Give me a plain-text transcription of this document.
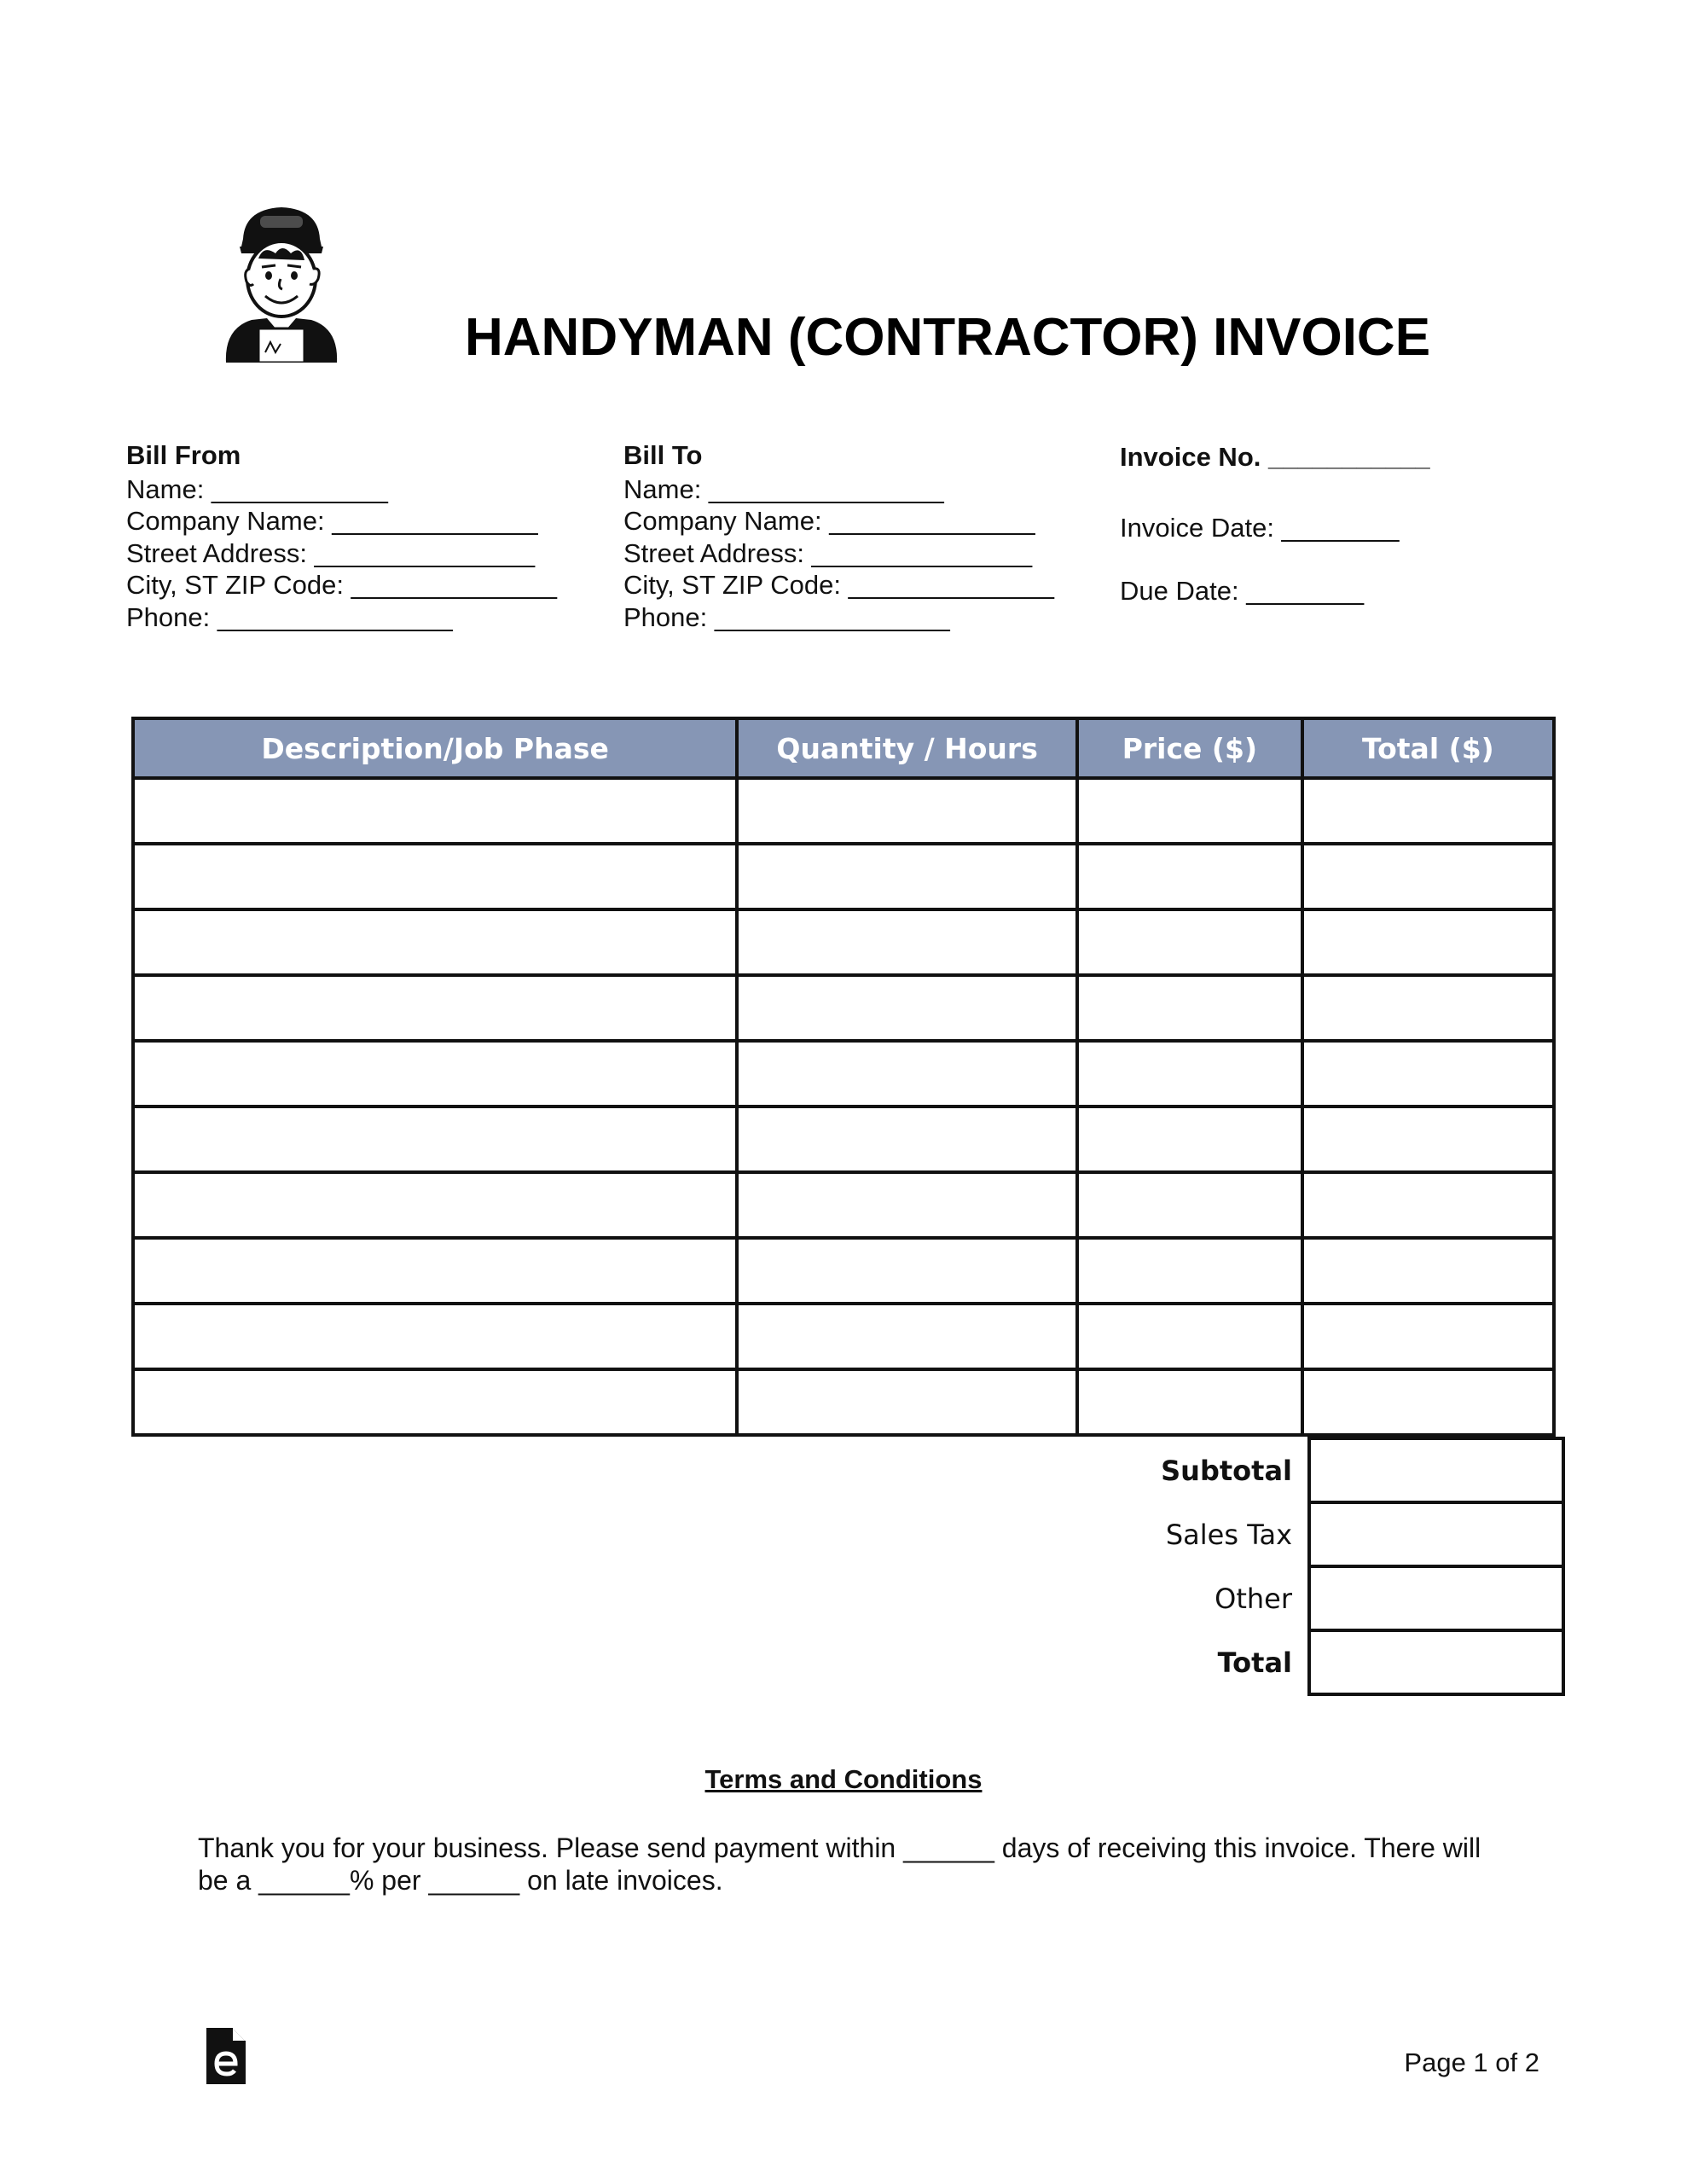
HANDYMAN (CONTRACTOR) INVOICE
Bill From
Name: ____________
Company Name: ______________
Street Address: _______________
City, ST ZIP Code: ______________
Phone: ________________
Bill To
Name: ________________
Company Name: ______________
Street Address: _______________
City, ST ZIP Code: ______________
Phone: ________________
Invoice No. ___________
Invoice Date: ________
Due Date: ________
Description/Job Phase	Quantity / Hours	Price ($)	Total ($)

Subtotal	
Sales Tax	
Other	
Total	
Terms and Conditions
Thank you for your business. Please send payment within ______ days of receiving this invoice. There will be a ______% per ______ on late invoices.
Page 1 of 2
